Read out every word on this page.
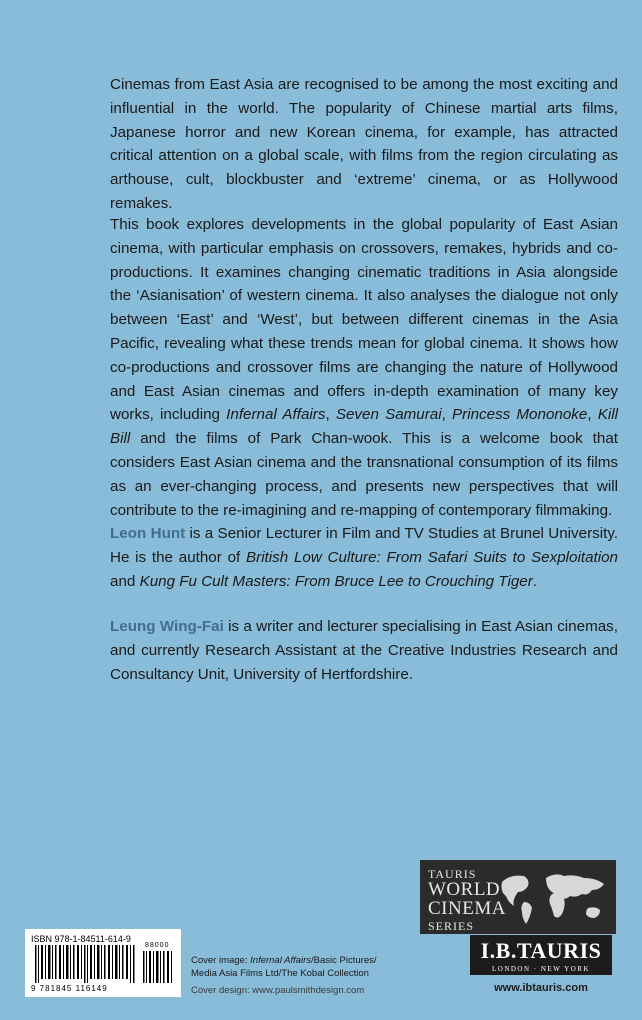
Cinemas from East Asia are recognised to be among the most exciting and influential in the world. The popularity of Chinese martial arts films, Japanese horror and new Korean cinema, for example, has attracted critical attention on a global scale, with films from the region circulating as arthouse, cult, blockbuster and ‘extreme’ cinema, or as Hollywood remakes.

This book explores developments in the global popularity of East Asian cinema, with particular emphasis on crossovers, remakes, hybrids and co-productions. It examines changing cinematic traditions in Asia alongside the ‘Asianisation’ of western cinema. It also analyses the dialogue not only between ‘East’ and ‘West’, but between different cinemas in the Asia Pacific, revealing what these trends mean for global cinema. It shows how co-productions and crossover films are changing the nature of Hollywood and East Asian cinemas and offers in-depth examination of many key works, including Infernal Affairs, Seven Samurai, Princess Mononoke, Kill Bill and the films of Park Chan-wook. This is a welcome book that considers East Asian cinema and the transnational consumption of its films as an ever-changing process, and presents new perspectives that will contribute to the re-imagining and re-mapping of contemporary filmmaking.

Leon Hunt is a Senior Lecturer in Film and TV Studies at Brunel University. He is the author of British Low Culture: From Safari Suits to Sexploitation and Kung Fu Cult Masters: From Bruce Lee to Crouching Tiger.

Leung Wing-Fai is a writer and lecturer specialising in East Asian cinemas, and currently Research Assistant at the Creative Industries Research and Consultancy Unit, University of Hertfordshire.

TAURIS
WORLD
CINEMA
SERIES
I.B.TAURIS
LONDON · NEW YORK
www.ibtauris.com
ISBN 978-1-84511-614-9
88000
9 781845 116149
Cover image: Infernal Affairs/Basic Pictures/ Media Asia Films Ltd/The Kobal Collection
Cover design: www.paulsmithdesign.com
